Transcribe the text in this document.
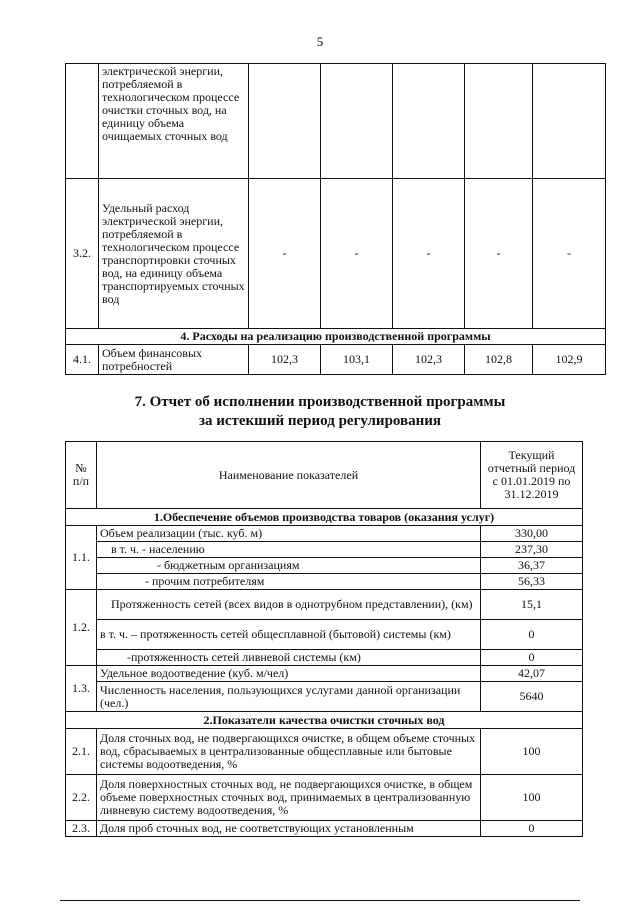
5
	электрической энергии, потребляемой в технологическом процессе очистки сточных вод, на единицу объема очищаемых сточных вод					
3.2.	Удельный расход электрической энергии, потребляемой в технологическом процессе транспортировки сточных вод, на единицу объема транспортируемых сточных вод	-	-	-	-	-
4. Расходы на реализацию производственной программы						
4.1.	Объем финансовых потребностей	102,3	103,1	102,3	102,8	102,9
7. Отчет об исполнении производственной программы
за истекший период регулирования
№ п/п	Наименование показателей	Текущий отчетный период с 01.01.2019 по 31.12.2019
1.Обеспечение объемов производства товаров (оказания услуг)		
1.1.	Объем реализации (тыс. куб. м)	330,00
	в т. ч. - населению	237,30
	- бюджетным организациям	36,37
	- прочим потребителям	56,33
1.2.	Протяженность сетей (всех видов в однотрубном представлении), (км)	15,1
	в т. ч. – протяженность сетей общесплавной (бытовой) системы (км)	0
	-протяженность сетей ливневой системы (км)	0
1.3.	Удельное водоотведение (куб. м/чел)	42,07
	Численность населения, пользующихся услугами данной организации (чел.)	5640
2.Показатели качества очистки сточных вод		
2.1.	Доля сточных вод, не подвергающихся очистке, в общем объеме сточных вод, сбрасываемых в централизованные общесплавные или бытовые системы водоотведения, %	100
2.2.	Доля поверхностных сточных вод, не подвергающихся очистке, в общем объеме поверхностных сточных вод, принимаемых в централизованную ливневую систему водоотведения, %	100
2.3.	Доля проб сточных вод, не соответствующих установленным	0
